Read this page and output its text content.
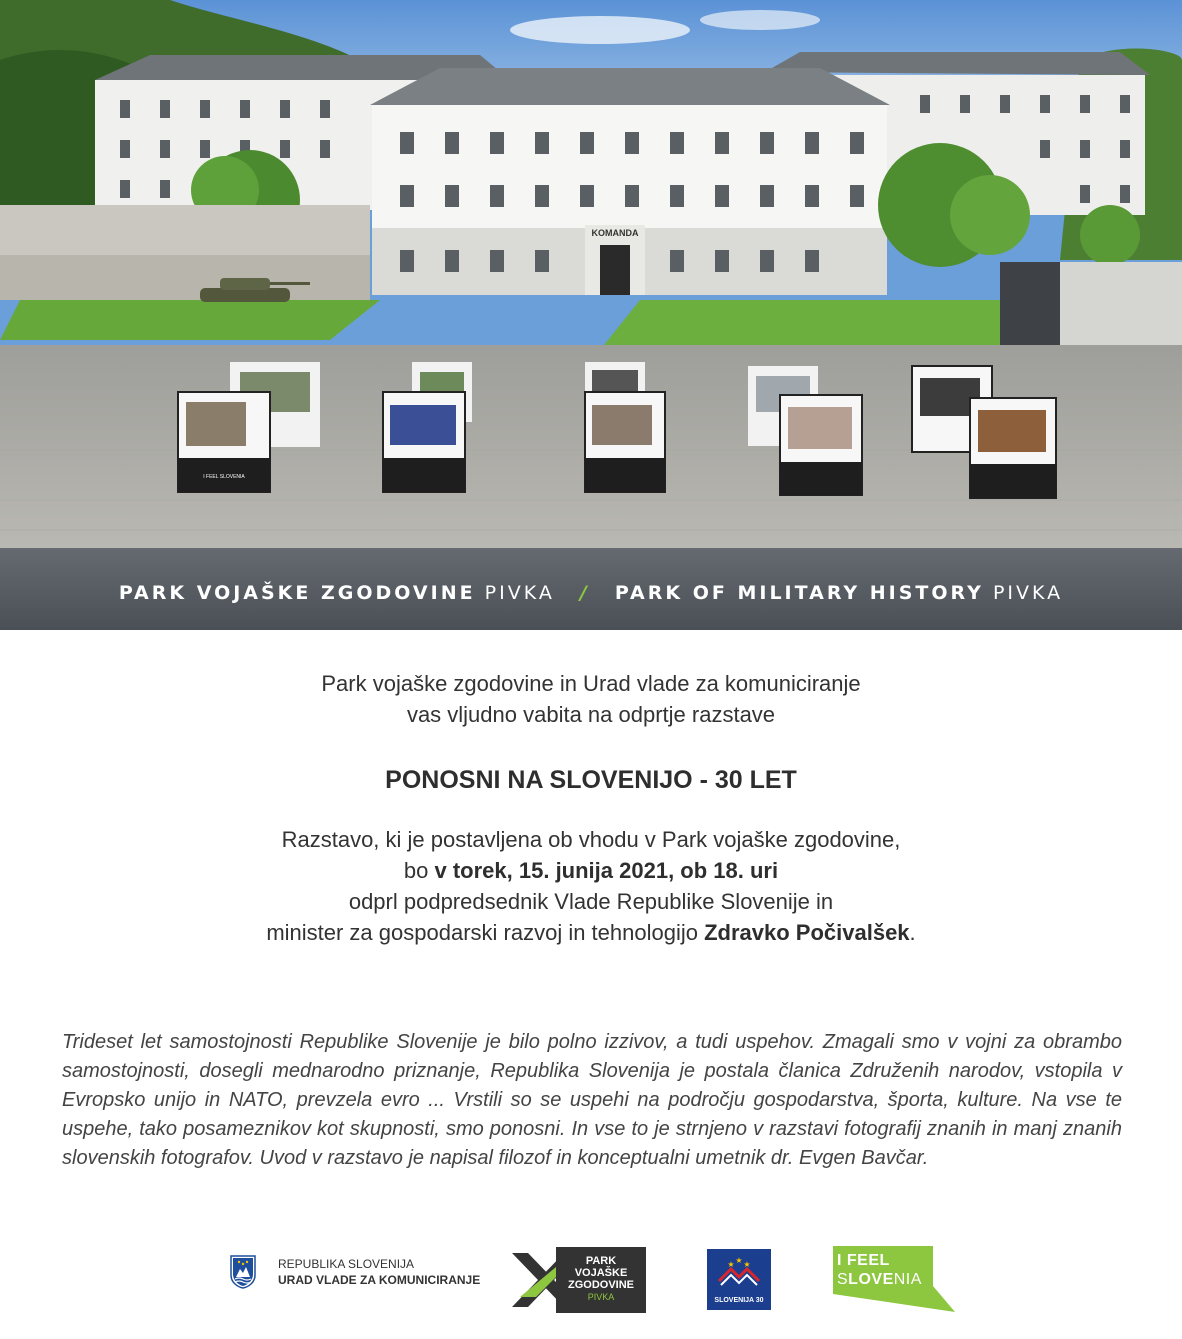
KOMANDA
I FEEL SLOVENIA
PARK VOJAŠKE ZGODOVINE PIVKA / PARK OF MILITARY HISTORY PIVKA
Park vojaške zgodovine in Urad vlade za komuniciranje
vas vljudno vabita na odprtje razstave
PONOSNI NA SLOVENIJO - 30 LET
Razstavo, ki je postavljena ob vhodu v Park vojaške zgodovine,
bo v torek, 15. junija 2021, ob 18. uri
odprl podpredsednik Vlade Republike Slovenije in
minister za gospodarski razvoj in tehnologijo Zdravko Počivalšek.

Trideset let samostojnosti Republike Slovenije je bilo polno izzivov, a tudi uspehov. Zmagali smo v vojni za obrambo samostojnosti, dosegli mednarodno priznanje, Republika Slovenija je postala članica Združenih narodov, vstopila v Evropsko unijo in NATO, prevzela evro ... Vrstili so se uspehi na področju gospodarstva, športa, kulture. Na vse te uspehe, tako posameznikov kot skupnosti, smo ponosni. In vse to je strnjeno v razstavi fotografij znanih in manj znanih slovenskih fotografov. Uvod v razstavo je napisal filozof in konceptualni umetnik dr. Evgen Bavčar.

REPUBLIKA SLOVENIJA
URAD VLADE ZA KOMUNICIRANJE
PARK
VOJAŠKE
ZGODOVINE
PIVKA
★ ★ ★
SLOVENIJA 30
I FEEL
SLOVENIA
